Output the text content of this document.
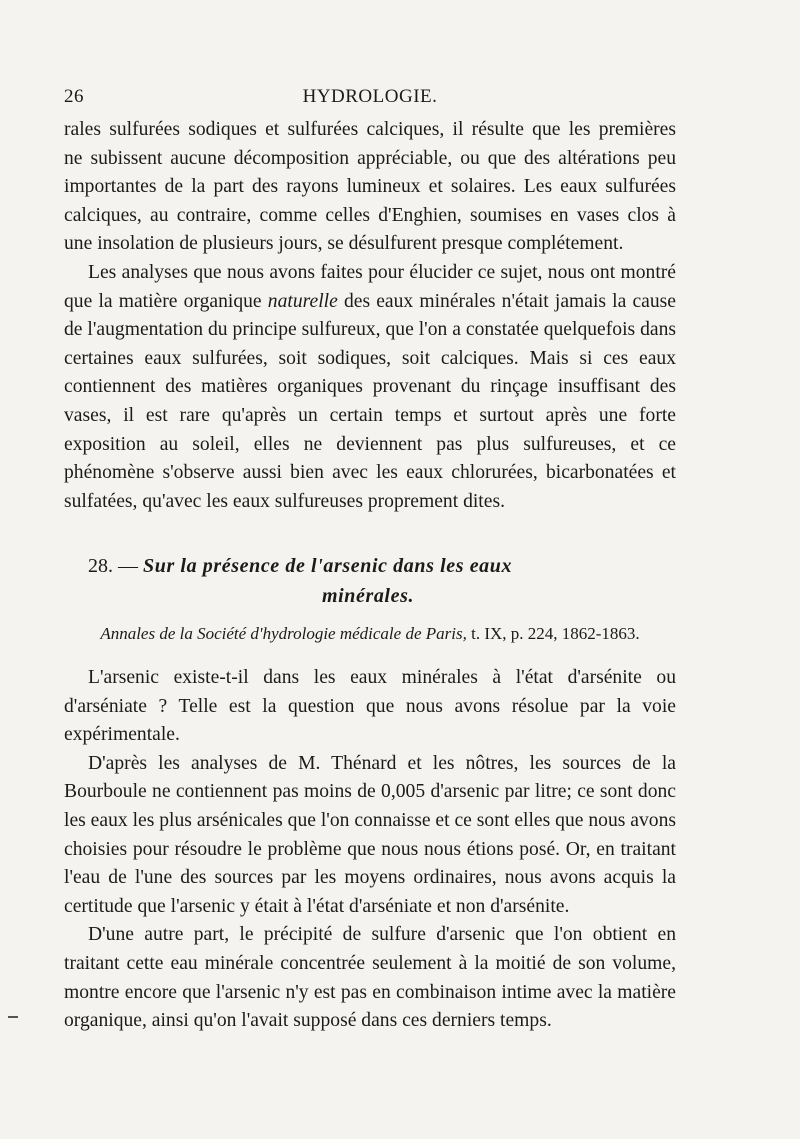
26	HYDROLOGIE.

rales sulfurées sodiques et sulfurées calciques, il résulte que les premières
ne subissent aucune décomposition appréciable, ou que des altérations peu
importantes de la part des rayons lumineux et solaires. Les eaux sulfurées
calciques, au contraire, comme celles d'Enghien, soumises en vases clos à
une insolation de plusieurs jours, se désulfurent presque complétement.

Les analyses que nous avons faites pour élucider ce sujet, nous ont montré que la matière organique naturelle des eaux minérales n'était jamais la cause de l'augmentation du principe sulfureux, que l'on a constatée quelquefois dans certaines eaux sulfurées, soit sodiques, soit calciques. Mais si ces eaux contiennent des matières organiques provenant du rinçage insuffisant des vases, il est rare qu'après un certain temps et surtout après une forte exposition au soleil, elles ne deviennent pas plus sulfureuses, et ce phénomène s'observe aussi bien avec les eaux chlorurées, bicarbonatées et sulfatées, qu'avec les eaux sulfureuses proprement dites.

28. — Sur la présence de l'arsenic dans les eaux
minérales.
Annales de la Société d'hydrologie médicale de Paris, t. IX, p. 224, 1862-1863.

L'arsenic existe-t-il dans les eaux minérales à l'état d'arsénite ou d'arséniate ? Telle est la question que nous avons résolue par la voie expérimentale.

D'après les analyses de M. Thénard et les nôtres, les sources de la Bourboule ne contiennent pas moins de 0,005 d'arsenic par litre; ce sont donc les eaux les plus arsénicales que l'on connaisse et ce sont elles que nous avons choisies pour résoudre le problème que nous nous étions posé. Or, en traitant l'eau de l'une des sources par les moyens ordinaires, nous avons acquis la certitude que l'arsenic y était à l'état d'arséniate et non d'arsénite.

D'une autre part, le précipité de sulfure d'arsenic que l'on obtient en traitant cette eau minérale concentrée seulement à la moitié de son volume, montre encore que l'arsenic n'y est pas en combinaison intime avec la matière organique, ainsi qu'on l'avait supposé dans ces derniers temps.
